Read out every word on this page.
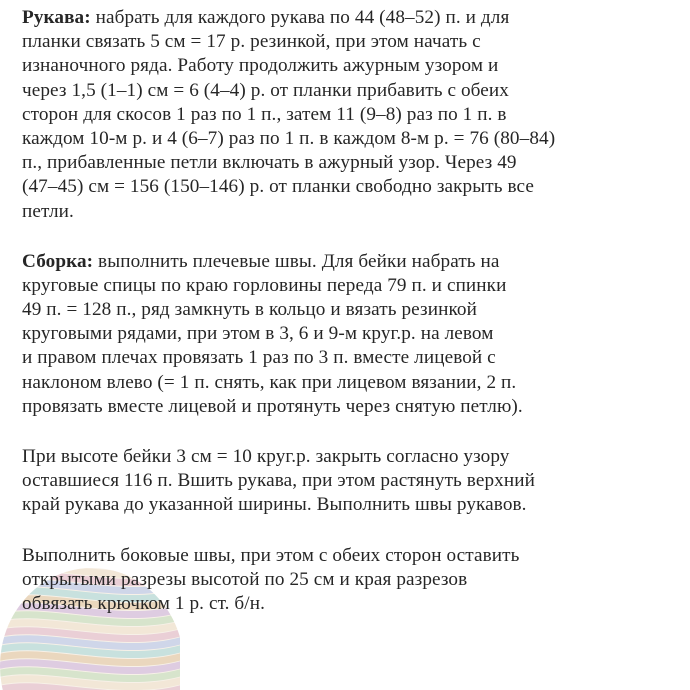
Рукава: набрать для каждого рукава по 44 (48–52) п. и для
планки связать 5 см = 17 р. резинкой, при этом начать с
изнаночного ряда. Работу продолжить ажурным узором и
через 1,5 (1–1) см = 6 (4–4) р. от планки прибавить с обеих
сторон для скосов 1 раз по 1 п., затем 11 (9–8) раз по 1 п. в
каждом 10-м р. и 4 (6–7) раз по 1 п. в каждом 8-м р. = 76 (80–84)
п., прибавленные петли включать в ажурный узор. Через 49
(47–45) см = 156 (150–146) р. от планки свободно закрыть все
петли.
Сборка: выполнить плечевые швы. Для бейки набрать на
круговые спицы по краю горловины переда 79 п. и спинки
49 п. = 128 п., ряд замкнуть в кольцо и вязать резинкой
круговыми рядами, при этом в 3, 6 и 9-м круг.р. на левом
и правом плечах провязать 1 раз по 3 п. вместе лицевой с
наклоном влево (= 1 п. снять, как при лицевом вязании, 2 п.
провязать вместе лицевой и протянуть через снятую петлю).
При высоте бейки 3 см = 10 круг.р. закрыть согласно узору
оставшиеся 116 п. Вшить рукава, при этом растянуть верхний
край рукава до указанной ширины. Выполнить швы рукавов.
Выполнить боковые швы, при этом с обеих сторон оставить
открытыми разрезы высотой по 25 см и края разрезов
обвязать крючком 1 р. ст. б/н.
